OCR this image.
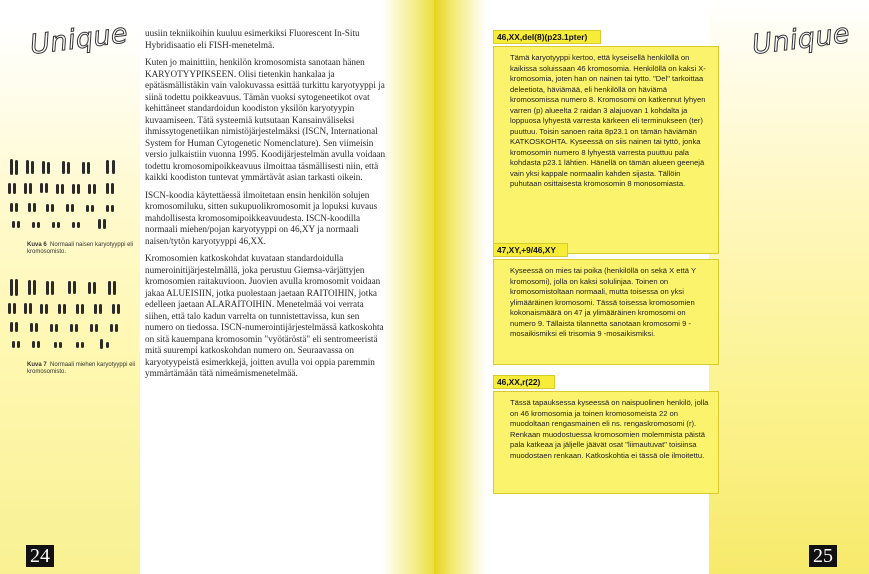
Unique
Kuva 6 Normaali naisen karyotyyppi eli kromosomisto.
Kuva 7 Normaali miehen karyotyyppi eli kromosomisto.

uusiin tekniikoihin kuuluu esimerkiksi Fluorescent In-Situ Hybridisaatio eli FISH-menetelmä.

Kuten jo mainittiin, henkilön kromosomista sanotaan hänen KARYOTYYPIKSEEN. Olisi tietenkin hankalaa ja epätäsmällistäkin vain valokuvassa esittää turkittu karyotyyppi ja siinä todettu poikkeavuus. Tämän vuoksi sytogeneetikot ovat kehittäneet standardoidun koodiston yksilön karyotyypin kuvaamiseen. Tätä systeemiä kutsutaan Kansainväliseksi ihmissytogenetiikan nimistöjärjestelmäksi (ISCN, International System for Human Cytogenetic Nomenclature). Sen viimeisin versio julkaistiin vuonna 1995. Koodijärjestelmän avulla voidaan todettu kromosomipoikkeavuus ilmoittaa täsmällisesti niin, että kaikki koodiston tuntevat ymmärtävät asian tarkasti oikein.

ISCN-koodia käytettäessä ilmoitetaan ensin henkilön solujen kromosomiluku, sitten sukupuolikromosomit ja lopuksi kuvaus mahdollisesta kromosomipoikkeavuudesta. ISCN-koodilla normaali miehen/pojan karyotyyppi on 46,XY ja normaali naisen/tytön karyotyyppi 46,XX.

Kromosomien katkoskohdat kuvataan standardoidulla numeroinitijärjestelmällä, joka perustuu Giemsa-värjättyjen kromosomien raitakuvioon. Juovien avulla kromosomit voidaan jakaa ALUEISIIN, jotka puolestaan jaetaan RAITOIHIN, jotka edelleen jaetaan ALARAITOIHIN. Menetelmää voi verrata siihen, että talo kadun varrelta on tunnistettavissa, kun sen numero on tiedossa. ISCN-numerointijärjestelmässä katkoskohta on sitä kauempana kromosomin "vyötäröstä" eli sentromeeristä mitä suurempi katkoskohdan numero on. Seuraavassa on karyotyypeistä esimerkkejä, joitten avulla voi oppia paremmin ymmärtämään tätä nimeämismenetelmää.

24
Unique
Tämä karyotyyppi kertoo, että kyseisellä henkilöllä on kaikissa soluissaan 46 kromosomia. Henkilöllä on kaksi X-kromosomia, joten han on nainen tai tytto. "Del" tarkoittaa deleetiota, häviämää, eli henkilöllä on häviämä kromosomissa numero 8. Kromosomi on katkennut lyhyen varren (p) alueelta 2 raidan 3 alajuovan 1 kohdalta ja loppuosa lyhyestä varresta kärkeen eli terminukseen (ter) puuttuu. Toisin sanoen raita 8p23.1 on tämän häviämän KATKOSKOHTA. Kyseessä on siis nainen tai tyttö, jonka kromosomin numero 8 lyhyestä varresta puuttuu pala kohdasta p23.1 lähtien. Hänellä on tämän alueen geenejä vain yksi kappale normaalin kahden sijasta. Tällöin puhutaan osittaisesta kromosomin 8 monosomiasta.
46,XX,del(8)(p23.1pter)
Kyseessä on mies tai poika (henkilöllä on sekä X että Y kromosomi), jolla on kaksi solulinjaa. Toinen on kromosomistoltaan normaali, mutta toisessa on yksi ylimääräinen kromosomi. Tässä toisessa kromosomien kokonaismäärä on 47 ja ylimääräinen kromosomi on numero 9. Tällaista tilannetta sanotaan kromosomi 9 -mosaikismiksi eli trisomia 9 -mosaikismiksi.
47,XY,+9/46,XY
Tässä tapauksessa kyseessä on naispuolinen henkilö, jolla on 46 kromosomia ja toinen kromosomeista 22 on muodoltaan rengasmainen eli ns. rengaskromosomi (r). Renkaan muodostuessa kromosomien molemmista päistä pala katkeaa ja jäljelle jäävät osat "liimautuvat" toisiinsa muodostaen renkaan. Katkoskohtia ei tässä ole ilmoitettu.
46,XX,r(22)
25
